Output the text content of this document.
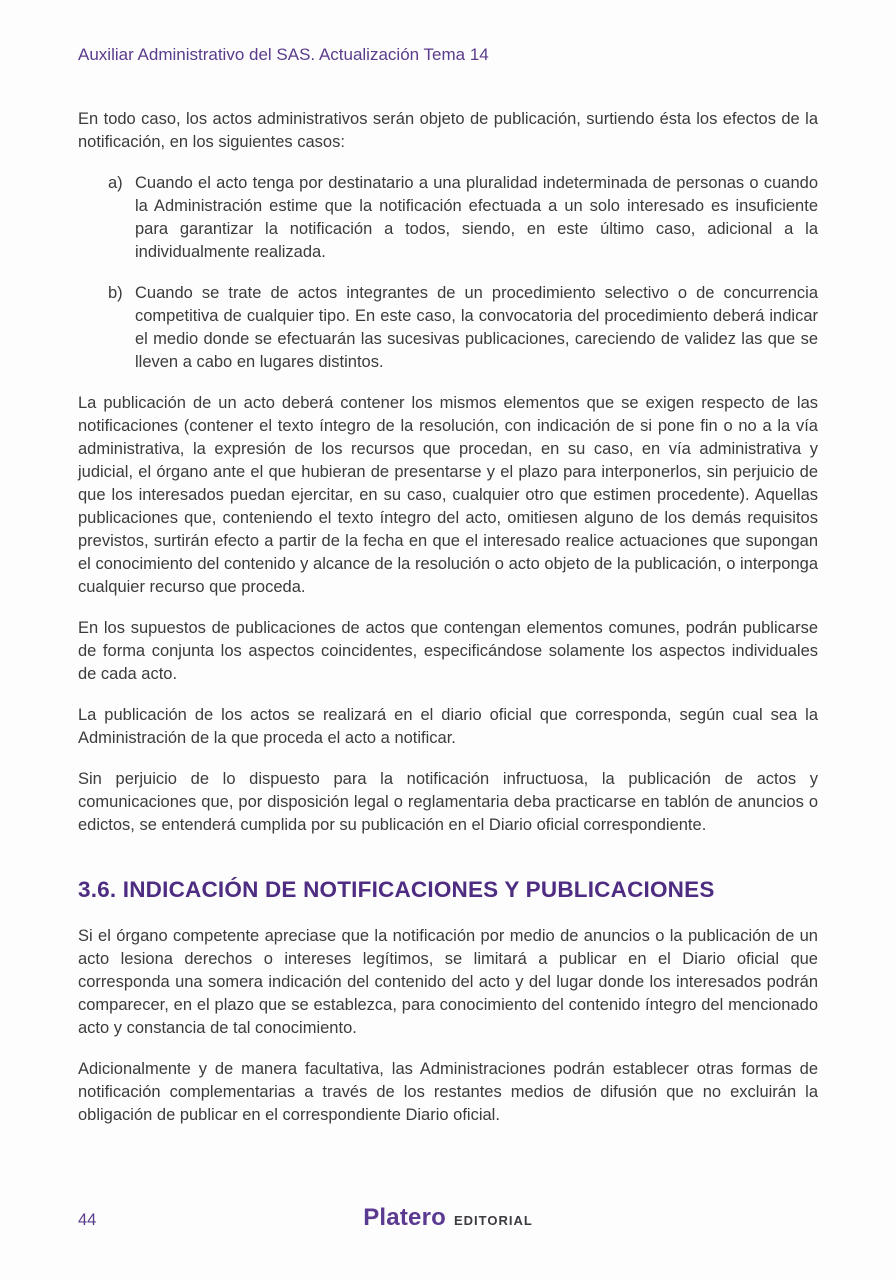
Auxiliar Administrativo del SAS. Actualización Tema 14

En todo caso, los actos administrativos serán objeto de publicación, surtiendo ésta los efectos de la notificación, en los siguientes casos:

a) Cuando el acto tenga por destinatario a una pluralidad indeterminada de personas o cuando la Administración estime que la notificación efectuada a un solo interesado es insuficiente para garantizar la notificación a todos, siendo, en este último caso, adicional a la individualmente realizada.
b) Cuando se trate de actos integrantes de un procedimiento selectivo o de concurrencia competitiva de cualquier tipo. En este caso, la convocatoria del procedimiento deberá indicar el medio donde se efectuarán las sucesivas publicaciones, careciendo de validez las que se lleven a cabo en lugares distintos.

La publicación de un acto deberá contener los mismos elementos que se exigen respecto de las notificaciones (contener el texto íntegro de la resolución, con indicación de si pone fin o no a la vía administrativa, la expresión de los recursos que procedan, en su caso, en vía administrativa y judicial, el órgano ante el que hubieran de presentarse y el plazo para interponerlos, sin perjuicio de que los interesados puedan ejercitar, en su caso, cualquier otro que estimen procedente). Aquellas publicaciones que, conteniendo el texto íntegro del acto, omitiesen alguno de los demás requisitos previstos, surtirán efecto a partir de la fecha en que el interesado realice actuaciones que supongan el conocimiento del contenido y alcance de la resolución o acto objeto de la publicación, o interponga cualquier recurso que proceda.

En los supuestos de publicaciones de actos que contengan elementos comunes, podrán publicarse de forma conjunta los aspectos coincidentes, especificándose solamente los aspectos individuales de cada acto.

La publicación de los actos se realizará en el diario oficial que corresponda, según cual sea la Administración de la que proceda el acto a notificar.

Sin perjuicio de lo dispuesto para la notificación infructuosa, la publicación de actos y comunicaciones que, por disposición legal o reglamentaria deba practicarse en tablón de anuncios o edictos, se entenderá cumplida por su publicación en el Diario oficial correspondiente.

3.6. INDICACIÓN DE NOTIFICACIONES Y PUBLICACIONES

Si el órgano competente apreciase que la notificación por medio de anuncios o la publicación de un acto lesiona derechos o intereses legítimos, se limitará a publicar en el Diario oficial que corresponda una somera indicación del contenido del acto y del lugar donde los interesados podrán comparecer, en el plazo que se establezca, para conocimiento del contenido íntegro del mencionado acto y constancia de tal conocimiento.

Adicionalmente y de manera facultativa, las Administraciones podrán establecer otras formas de notificación complementarias a través de los restantes medios de difusión que no excluirán la obligación de publicar en el correspondiente Diario oficial.

44	Platero EDITORIAL
